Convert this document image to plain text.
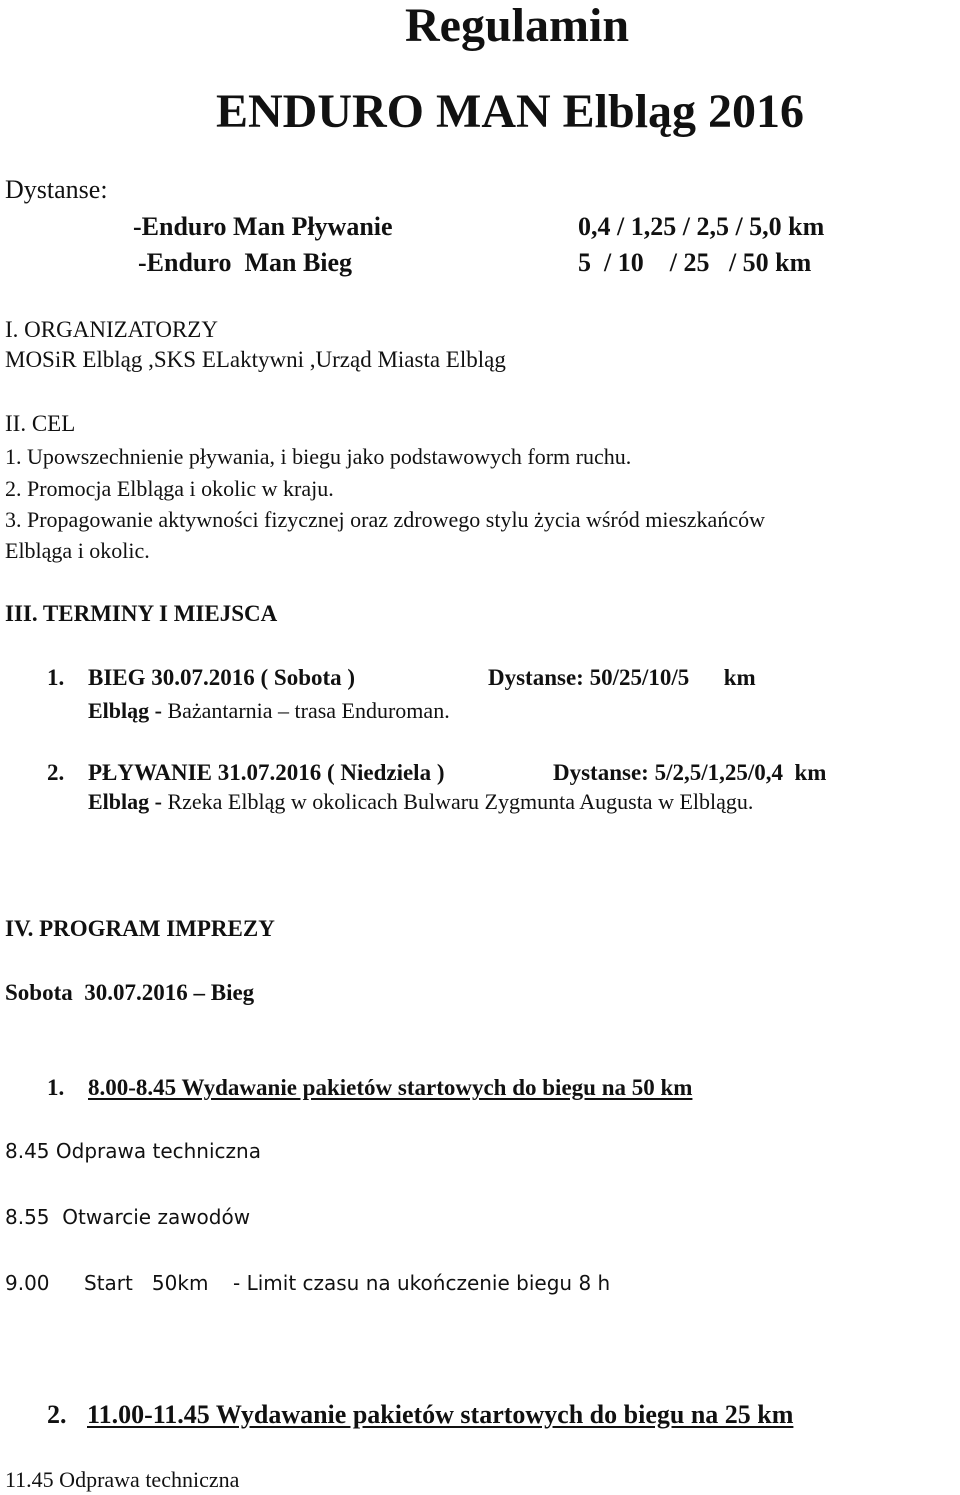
Regulamin
ENDURO MAN Elbląg 2016
Dystanse:
-Enduro Man Pływanie	0,4 / 1,25 / 2,5 / 5,0 km
-Enduro  Man Bieg	5  / 10    / 25   / 50 km
I. ORGANIZATORZY
MOSiR Elbląg ,SKS ELaktywni ,Urząd Miasta Elbląg
II. CEL
1. Upowszechnienie pływania, i biegu jako podstawowych form ruchu.
2. Promocja Elbląga i okolic w kraju.
3. Propagowanie aktywności fizycznej oraz zdrowego stylu życia wśród mieszkańców
Elbląga i okolic.
III. TERMINY I MIEJSCA
1. BIEG 30.07.2016 ( Sobota )	Dystanse: 50/25/10/5      km
Elbląg - Bażantarnia – trasa Enduroman.
2. PŁYWANIE 31.07.2016 ( Niedziela )	Dystanse: 5/2,5/1,25/0,4  km
Elblag - Rzeka Elbląg w okolicach Bulwaru Zygmunta Augusta w Elblągu.
IV. PROGRAM IMPREZY
Sobota  30.07.2016 – Bieg
1. 8.00-8.45 Wydawanie pakietów startowych do biegu na 50 km
8.45 Odprawa techniczna
8.55  Otwarcie zawodów
9.00 Start   50km - Limit czasu na ukończenie biegu 8 h
2. 11.00-11.45 Wydawanie pakietów startowych do biegu na 25 km
11.45 Odprawa techniczna
